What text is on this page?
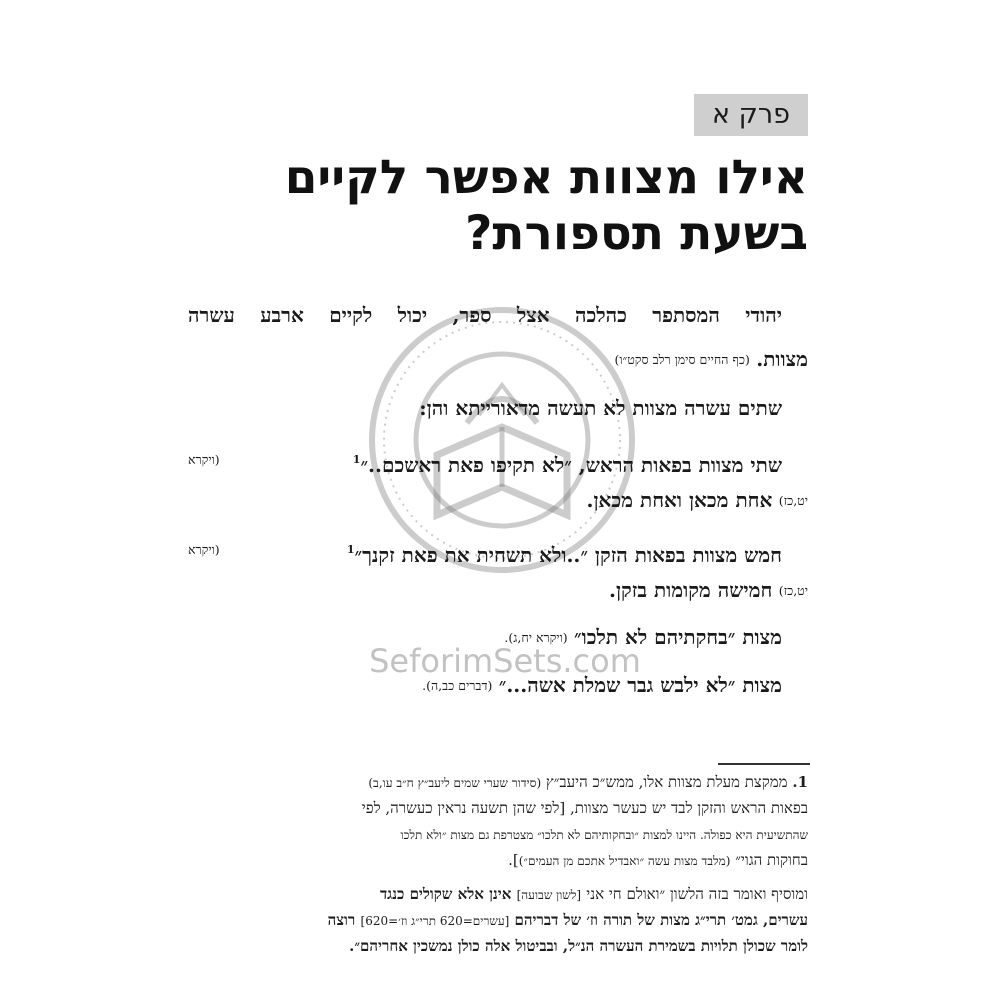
פרק א
אילו מצוות אפשר לקיים
בשעת תספורת?
יהודי
המסתפר
כהלכה
אצל
ספר,
יכול
לקיים
ארבע
עשרה
מצוות. (כף החיים סימן רלב סקט״ו)
שתים עשרה מצוות לא תעשה מדאורייתא והן:
שתי מצוות בפאות הראש, ״לא תקיפו פאת ראשכם..״$^1$
(ויקרא
יט,כז) אחת מכאן ואחת מכאן.
חמש מצוות בפאות הזקן ״..ולא תשחית את פאת זקנך״$^1$
(ויקרא
יט,כז) חמישה מקומות בזקן.
מצות ״בחקתיהם לא תלכו״ (ויקרא יח,ג).
מצות ״לא ילבש גבר שמלת אשה...״ (דברים כב,ה).
SeforimSets.com
1. ממקצת מעלת מצוות אלו, ממש״כ היעב״ץ (סידור שערי שמים ליעב״ץ ח״ב עו,ב)
בפאות הראש והזקן לבד יש כעשר מצוות, [לפי שהן תשעה נראין כעשרה, לפי
שהתשיעית היא כפולה. היינו למצות ״ובחקותיהם לא תלכו״ מצטרפת גם מצות ״ולא תלכו
בחוקות הגוי״ (מלבד מצות עשה ״ואבדיל אתכם מן העמים״)].
ומוסיף ואומר בזה הלשון ״ואולם חי אני [לשון שבועה] אינן אלא שקולים כנגד
עשרים, גמט׳ תרי״ג מצות של תורה וז׳ של דבריהם [עשרים=620 תרי״ג וז׳=620] רוצה
לומר שכולן תלויות בשמירת העשרה הנ״ל, ובביטול אלה כולן נמשכין אחריהם״.
